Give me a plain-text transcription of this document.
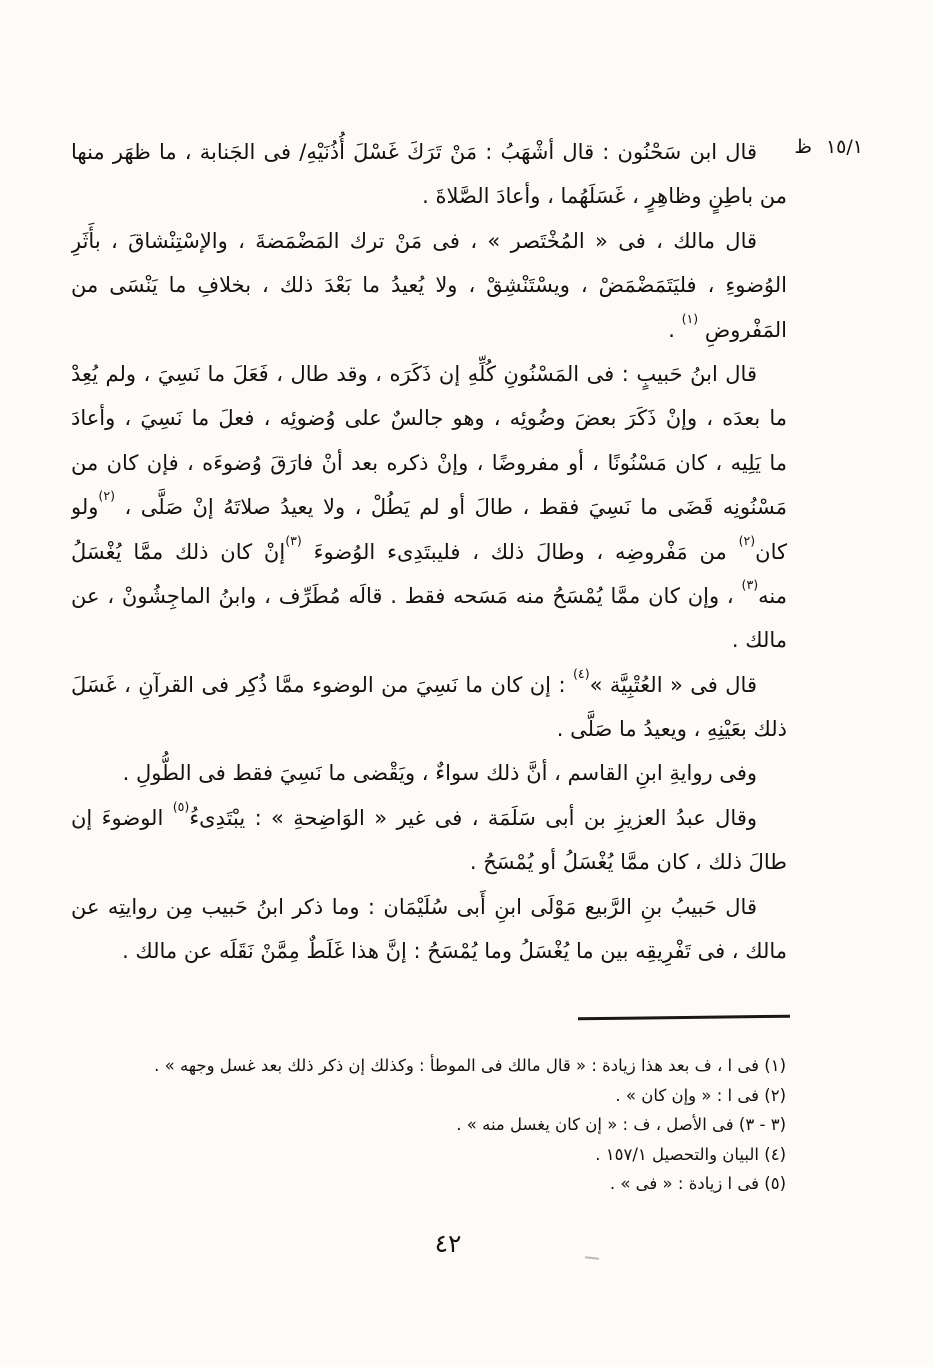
١٥/١ ظ
قال ابن سَحْنُون : قال أشْهَبُ : مَنْ تَرَكَ غَسْلَ أُذُنَيْهِ/ فى الجَنابة ، ما ظهَر منها
من باطِنٍ وظاهِرٍ ، غَسَلَهُما ، وأعادَ الصَّلاةَ .
قال مالك ، فى « المُخْتَصر » ، فى مَنْ ترك المَضْمَضةَ ، والإسْتِنْشاقَ ، بأَثَرِ
الوُضوءِ ، فليَتَمَضْمَضْ ، ويسْتَنْشِقْ ، ولا يُعيدُ ما بَعْدَ ذلك ، بخلافِ ما يَنْسَى من
المَفْروضِ $^{(١)}$ .
قال ابنُ حَبيبٍ : فى المَسْنُونِ كُلِّهِ إن ذَكَرَه ، وقد طال ، فَعَلَ ما نَسِيَ ، ولم يُعِدْ
ما بعدَه ، وإنْ ذَكَرَ بعضَ وضُوئِه ، وهو جالسٌ على وُضوئِه ، فعلَ ما نَسِيَ ، وأعادَ
ما يَلِيه ، كان مَسْنُونًا ، أو مفروضًا ، وإنْ ذكره بعد أنْ فارَقَ وُضوءَه ، فإن كان من
مَسْنُونِه قَضَى ما نَسِيَ فقط ، طالَ أو لم يَطُلْ ، ولا يعيدُ صلاتَهُ إنْ صَلَّى ، $^{(٢)}$ولو
كان$^{(٢)}$ من مَفْروضِه ، وطالَ ذلك ، فليبتَدِىء الوُضوءَ $^{(٣)}$إنْ كان ذلك ممَّا يُغْسَلُ
منه$^{(٣)}$ ، وإن كان ممَّا يُمْسَحُ منه مَسَحه فقط . قالَه مُطَرِّف ، وابنُ الماجِشُونْ ، عن
مالك .
قال فى « العُتْبِيَّة »$^{(٤)}$ : إن كان ما نَسِيَ من الوضوء ممَّا ذُكِر فى القرآنِ ، غَسَلَ
ذلك بعَيْنِهِ ، ويعيدُ ما صَلَّى .
وفى روايةِ ابنِ القاسم ، أنَّ ذلك سواءٌ ، ويَقْضى ما نَسِيَ فقط فى الطُّولِ .
وقال عبدُ العزيزِ بن أبى سَلَمَة ، فى غير « الوَاضِحةِ » : يبْتَدِىءُ$^{(٥)}$ الوضوءَ إن
طالَ ذلك ، كان ممَّا يُغْسَلُ أو يُمْسَحُ .
قال حَبيبُ بنِ الرَّبيع مَوْلَى ابنِ أَبى سُلَيْمَان : وما ذكر ابنُ حَبيب مِن روايتِه عن
مالك ، فى تَفْرِيقِه بين ما يُغْسَلُ وما يُمْسَحُ : إنَّ هذا غَلَطٌ مِمَّنْ نَقَلَه عن مالك .
(١) فى ا ، ف بعد هذا زيادة : « قال مالك فى الموطأ : وكذلك إن ذكر ذلك بعد غسل وجهه » .
(٢) فى ا : « وإن كان » .
(٣ - ٣) فى الأصل ، ف : « إن كان يغسل منه » .
(٤) البيان والتحصيل ١٥٧/١ .
(٥) فى ا زيادة : « فى » .
٤٢
